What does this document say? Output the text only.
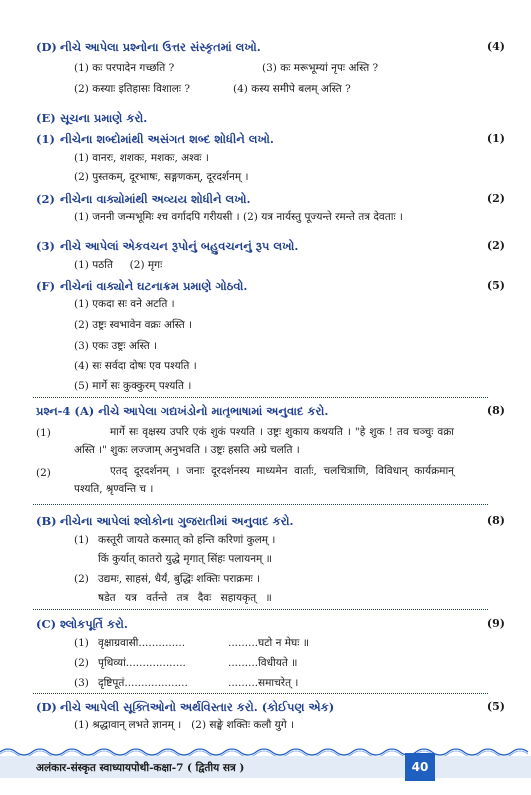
(D) નીચે આપેલા પ્રશ્નોના ઉત્તર સંસ્કૃતમાં લખો.	(4)
(1) कः परपादेन गच्छति ?	(3) कः मरूभूम्यां नृपः अस्ति ?
(2) कस्याः इतिहासः विशालः ?	(4) कस्य समीपे बलम् अस्ति ?
(E) સૂચના પ્રમાણે કરો.
(1) નીચેના શબ્દોમાંથી અસંગત શબ્દ શોધીને લખો.	(1)
(1) वानरः, शशकः, मशकः, अश्वः ।
(2) पुस्तकम्, दूरभाषः, सङ्गणकम्, दूरदर्शनम् ।
(2) નીચેના વાક્યોમાંથી અવ્યય શોધીને લખો.	(2)
(1) जननी जन्मभूमिः श्च वर्गादपि गरीयसी । (2) यत्र नार्यस्तु पूज्यन्ते रमन्ते तत्र देवताः ।
(3) નીચે આપેલાં એકવચન રૂપોનું બહુવચનનું રૂપ લખો.	(2)
(1) पठति     (2) मृगः
(F) નીચેનાં વાક્યોને ઘટનાક્રમ પ્રમાણે ગોઠવો.	(5)
(1) एकदा सः वने अटति ।
(2) उष्ट्रः स्वभावेन वक्रः अस्ति ।
(3) एकः उष्ट्रः अस्ति ।
(4) सः सर्वदा दोषः एव पश्यति ।
(5) मार्गे सः कुक्कुरम् पश्यति ।
પ્રશ્ન-4 (A) નીચે આપેલા ગદ્યખંડોનો માતૃભાષામાં અનુવાદ કરો.	(8)
(1)	मार्गे सः वृक्षस्य उपरि एकं शुकं पश्यति । उष्ट्रः शुकाय कथयति । "हे शुक ! तव चञ्चुः वक्रा अस्ति ।" शुकः लज्जाम् अनुभवति । उष्ट्रः हसति अग्रे चलति ।
(2)	एतद् दूरदर्शनम् । जनाः दूरदर्शनस्य माध्यमेन वार्ताः, चलचित्राणि, विविधान् कार्यक्रमान् पश्यति, श्रृण्वन्ति च ।
(B) નીચેના આપેલાં શ્લોકોના ગુજરાતીમાં અનુવાદ કરો.	(8)
(1) कस्तूरी जायते कस्मात् को हन्ति करिणां कुलम् ।
किं कुर्यात् कातरो युद्धे मृगात् सिंहः पलायनम् ॥
(2) उद्यमः, साहसं, धैर्यं, बुद्धिः शक्तिः पराक्रमः ।
षडेत यत्र वर्तन्ते तत्र दैवः सहायकृत् ॥
(C) શ્લોકપૂર્તિ કરો.	(9)
(1) वृक्षाग्रवासी..............	.........घटो न मेघः ॥
(2) पृथिव्यां..................	.........विधीयते ॥
(3) दृष्टिपूतं...................	.........समाचरेत् ।
(D) નીચે આપેલી સૂક્તિઓનો અર્થવિસ્તાર કરો. (કોઈપણ એક)	(5)
(1) श्रद्धावान् लभते ज्ञानम् ।   (2) सङ्घे शक्तिः कलौ युगे ।
अलंकार-संस्कृत स्वाध्यायपोथी-कक्षा-7 ( द्वितीय सत्र )	40
